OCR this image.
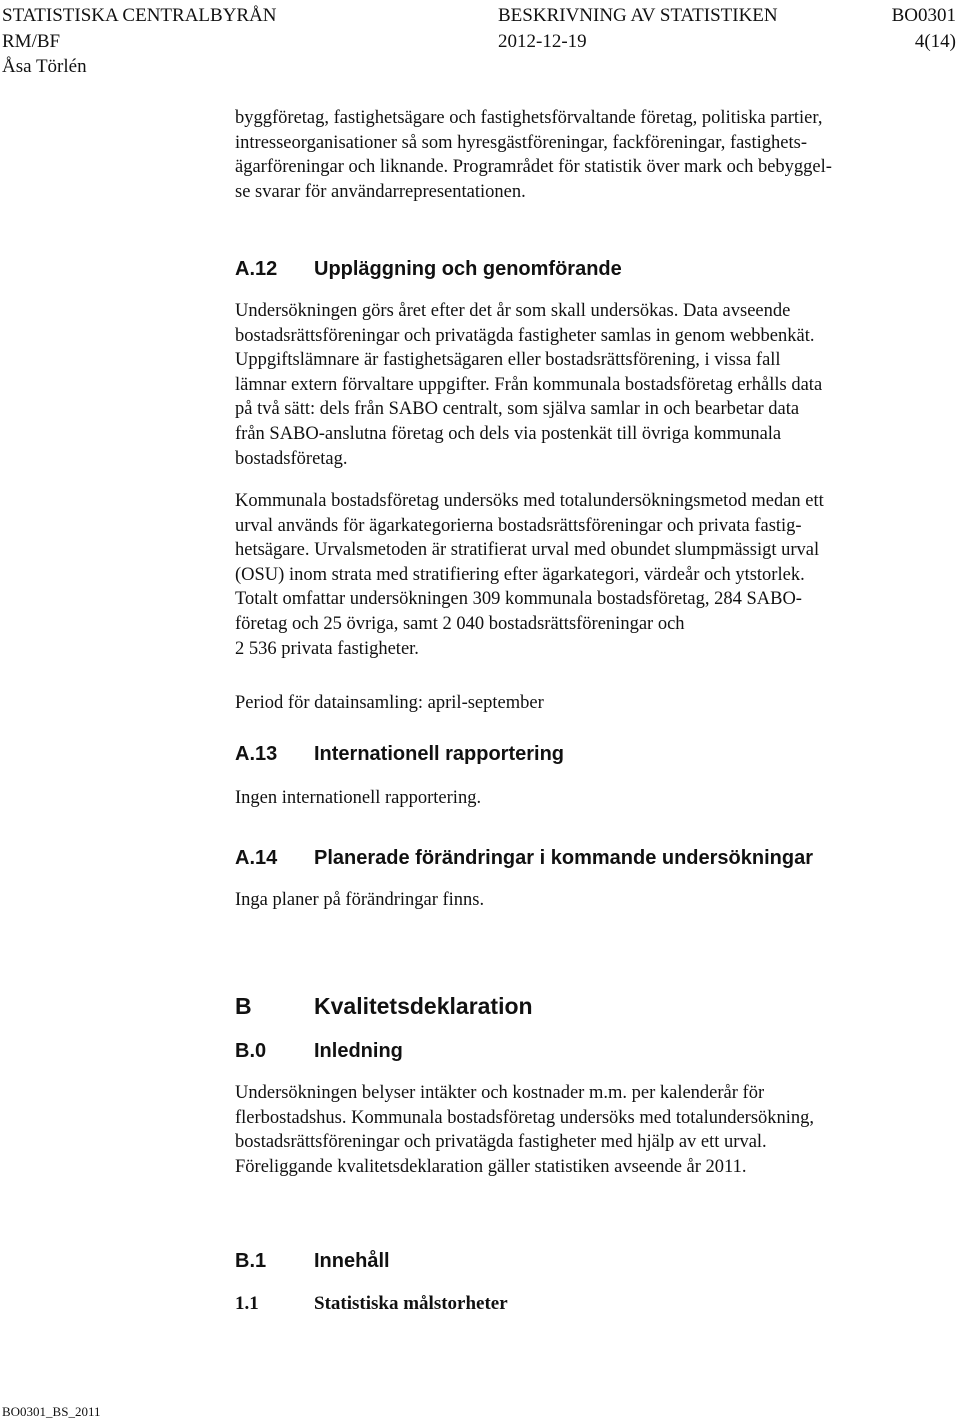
STATISTISKA CENTRALBYRÅN	BESKRIVNING AV STATISTIKEN	BO0301
RM/BF	2012-12-19	4(14)
Åsa Törlén
byggföretag, fastighetsägare och fastighetsförvaltande företag, politiska partier,
intresseorganisationer så som hyresgästföreningar, fackföreningar, fastighets-
ägarföreningar och liknande. Programrådet för statistik över mark och bebyggel-
se svarar för användarrepresentationen.
A.12 Uppläggning och genomförande
Undersökningen görs året efter det år som skall undersökas. Data avseende
bostadsrättsföreningar och privatägda fastigheter samlas in genom webbenkät.
Uppgiftslämnare är fastighetsägaren eller bostadsrättsförening, i vissa fall
lämnar extern förvaltare uppgifter. Från kommunala bostadsföretag erhålls data
på två sätt: dels från SABO centralt, som själva samlar in och bearbetar data
från SABO-anslutna företag och dels via postenkät till övriga kommunala
bostadsföretag.
Kommunala bostadsföretag undersöks med totalundersökningsmetod medan ett
urval används för ägarkategorierna bostadsrättsföreningar och privata fastig-
hetsägare. Urvalsmetoden är stratifierat urval med obundet slumpmässigt urval
(OSU) inom strata med stratifiering efter ägarkategori, värdeår och ytstorlek.
Totalt omfattar undersökningen 309 kommunala bostadsföretag, 284 SABO-
företag och 25 övriga, samt 2 040 bostadsrättsföreningar och
2 536 privata fastigheter.
Period för datainsamling: april-september
A.13 Internationell rapportering
Ingen internationell rapportering.
A.14 Planerade förändringar i kommande undersökningar
Inga planer på förändringar finns.
B	Kvalitetsdeklaration
B.0 Inledning
Undersökningen belyser intäkter och kostnader m.m. per kalenderår för
flerbostadshus. Kommunala bostadsföretag undersöks med totalundersökning,
bostadsrättsföreningar och privatägda fastigheter med hjälp av ett urval.
Föreliggande kvalitetsdeklaration gäller statistiken avseende år 2011.
B.1 Innehåll
1.1	Statistiska målstorheter
BO0301_BS_2011
